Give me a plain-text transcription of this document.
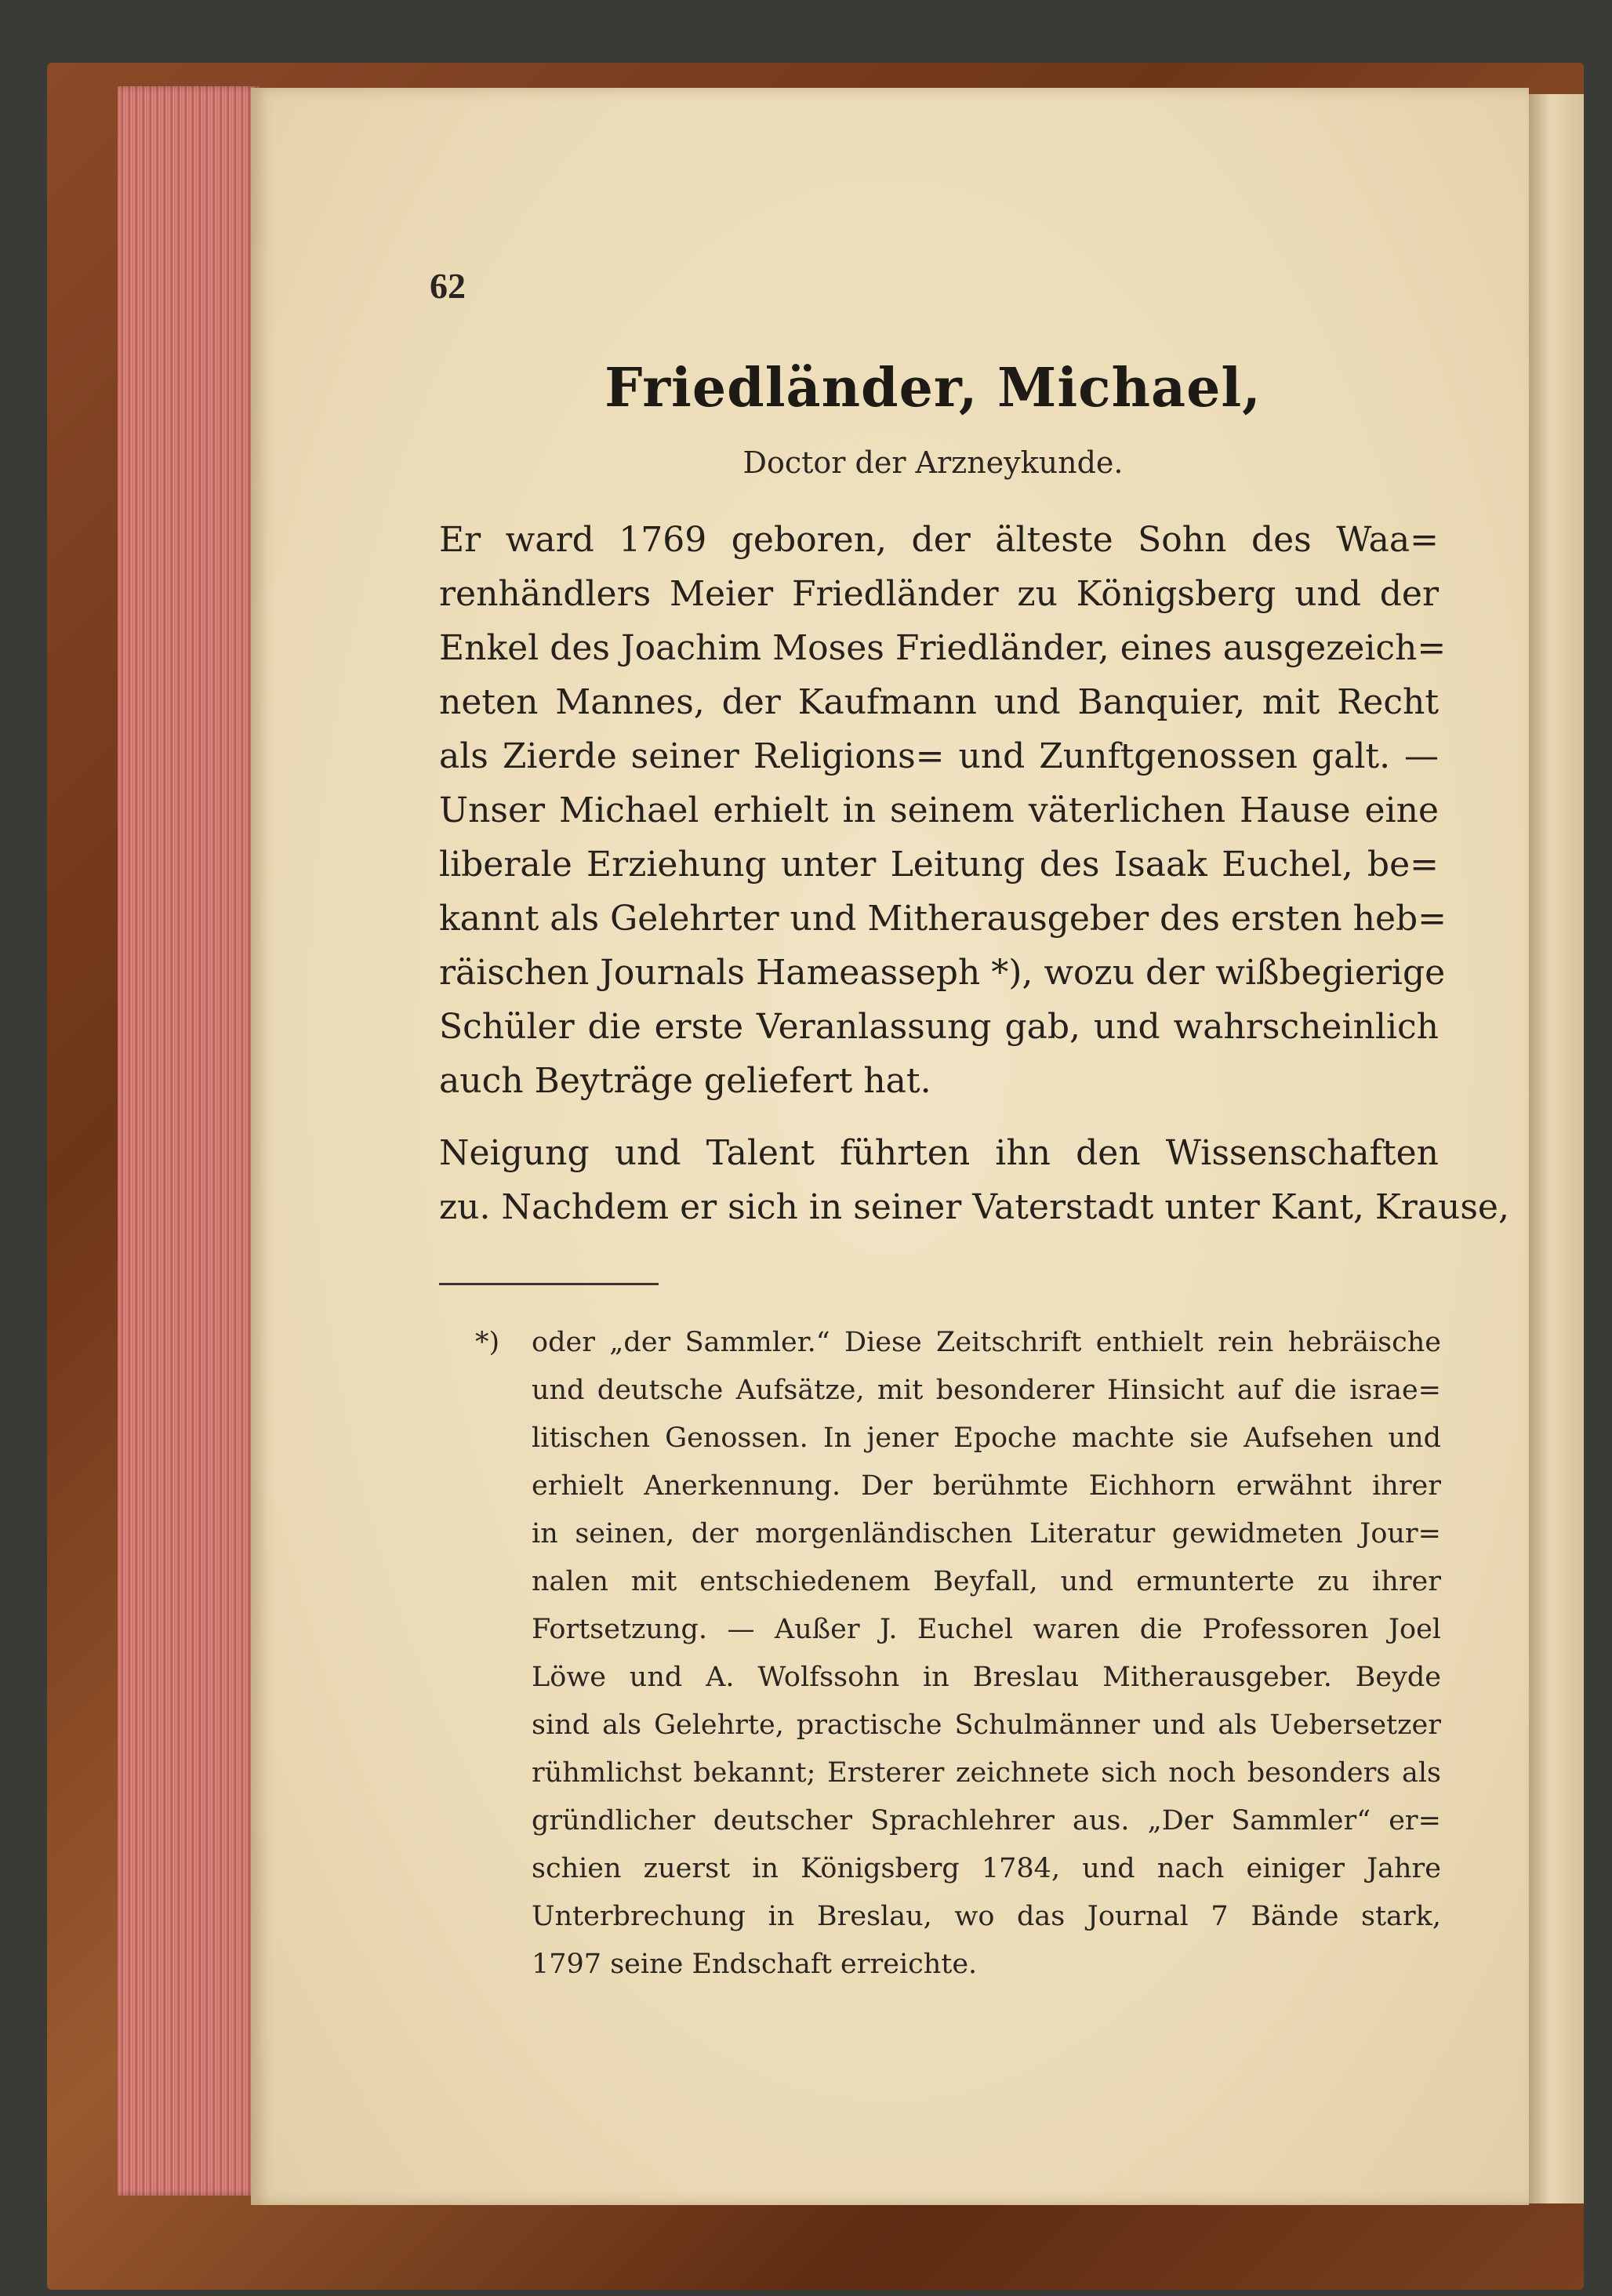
62
Friedländer, Michael,
Doctor der Arzneykunde.
Er ward 1769 geboren, der älteste Sohn des Waa=
renhändlers Meier Friedländer zu Königsberg und der
Enkel des Joachim Moses Friedländer, eines ausgezeich=
neten Mannes, der Kaufmann und Banquier, mit Recht
als Zierde seiner Religions= und Zunftgenossen galt. —
Unser Michael erhielt in seinem väterlichen Hause eine
liberale Erziehung unter Leitung des Isaak Euchel, be=
kannt als Gelehrter und Mitherausgeber des ersten heb=
räischen Journals Hameasseph *), wozu der wißbegierige
Schüler die erste Veranlassung gab, und wahrscheinlich
auch Beyträge geliefert hat.
Neigung und Talent führten ihn den Wissenschaften
zu. Nachdem er sich in seiner Vaterstadt unter Kant, Krause,
*)	oder „der Sammler.“ Diese Zeitschrift enthielt rein hebräische
und deutsche Aufsätze, mit besonderer Hinsicht auf die israe=
litischen Genossen. In jener Epoche machte sie Aufsehen und
erhielt Anerkennung. Der berühmte Eichhorn erwähnt ihrer
in seinen, der morgenländischen Literatur gewidmeten Jour=
nalen mit entschiedenem Beyfall, und ermunterte zu ihrer
Fortsetzung. — Außer J. Euchel waren die Professoren Joel
Löwe und A. Wolfssohn in Breslau Mitherausgeber. Beyde
sind als Gelehrte, practische Schulmänner und als Uebersetzer
rühmlichst bekannt; Ersterer zeichnete sich noch besonders als
gründlicher deutscher Sprachlehrer aus. „Der Sammler“ er=
schien zuerst in Königsberg 1784, und nach einiger Jahre
Unterbrechung in Breslau, wo das Journal 7 Bände stark,
1797 seine Endschaft erreichte.
